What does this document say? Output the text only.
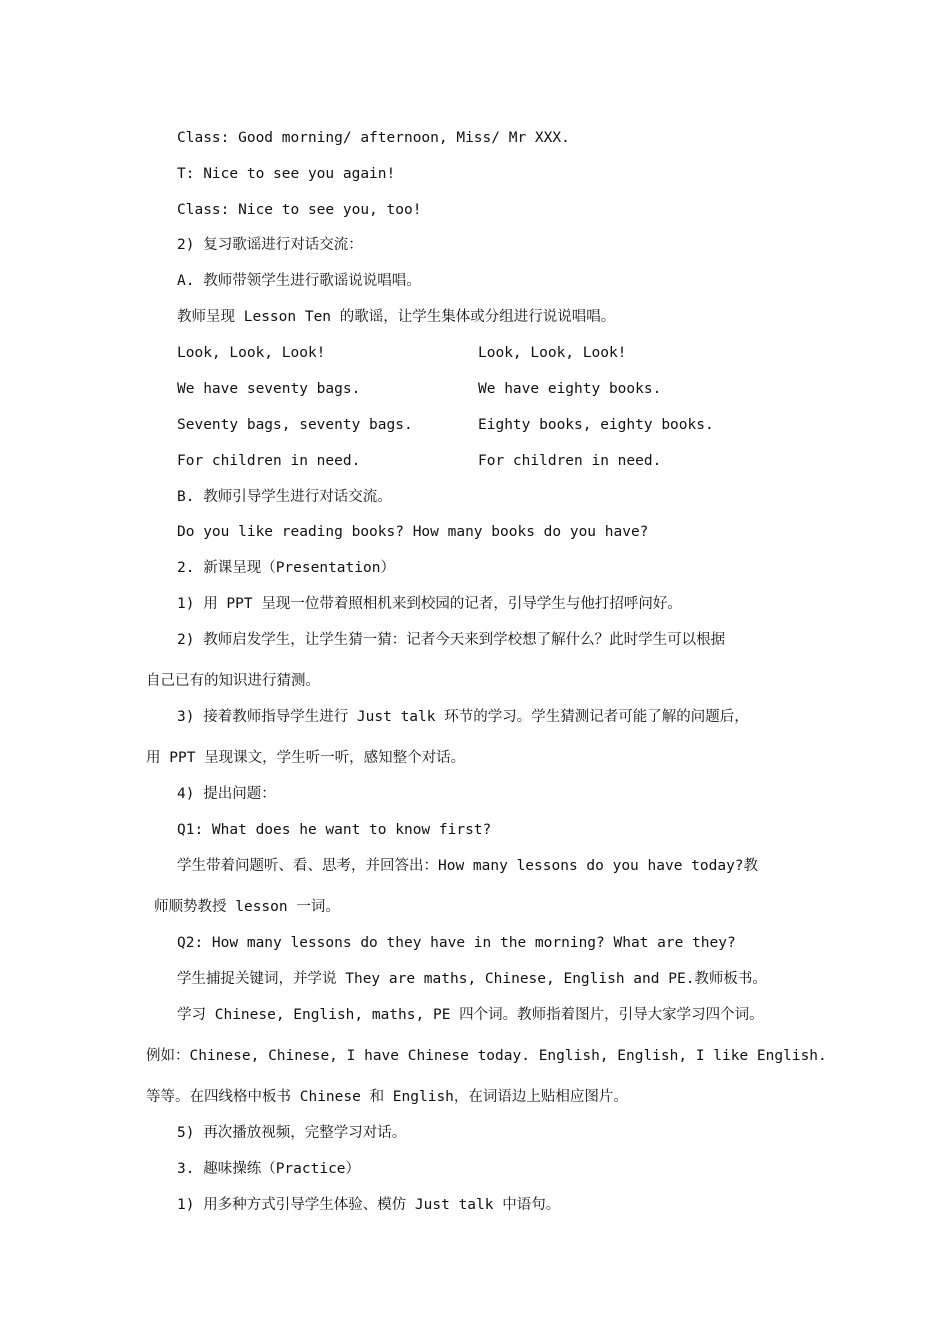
Class: Good morning/ afternoon, Miss/ Mr XXX.
T: Nice to see you again!
Class: Nice to see you, too!
2) 复习歌谣进行对话交流：
A. 教师带领学生进行歌谣说说唱唱。
教师呈现 Lesson Ten 的歌谣，让学生集体或分组进行说说唱唱。
Look, Look, Look!	Look, Look, Look!
We have seventy bags.	We have eighty books.
Seventy bags, seventy bags.	Eighty books, eighty books.
For children in need.	For children in need.
B. 教师引导学生进行对话交流。
Do you like reading books? How many books do you have?
2. 新课呈现（Presentation）
1) 用 PPT 呈现一位带着照相机来到校园的记者，引导学生与他打招呼问好。
2) 教师启发学生，让学生猜一猜：记者今天来到学校想了解什么？此时学生可以根据
自己已有的知识进行猜测。
3) 接着教师指导学生进行 Just talk 环节的学习。学生猜测记者可能了解的问题后，
用 PPT 呈现课文，学生听一听，感知整个对话。
4) 提出问题：
Q1: What does he want to know first?
学生带着问题听、看、思考，并回答出：How many lessons do you have today?教
师顺势教授 lesson 一词。
Q2: How many lessons do they have in the morning? What are they?
学生捕捉关键词，并学说 They are maths, Chinese, English and PE.教师板书。
学习 Chinese, English, maths, PE 四个词。教师指着图片，引导大家学习四个词。
例如：Chinese, Chinese, I have Chinese today. English, English, I like English.
等等。在四线格中板书 Chinese 和 English，在词语边上贴相应图片。
5) 再次播放视频，完整学习对话。
3. 趣味操练（Practice）
1) 用多种方式引导学生体验、模仿 Just talk 中语句。
